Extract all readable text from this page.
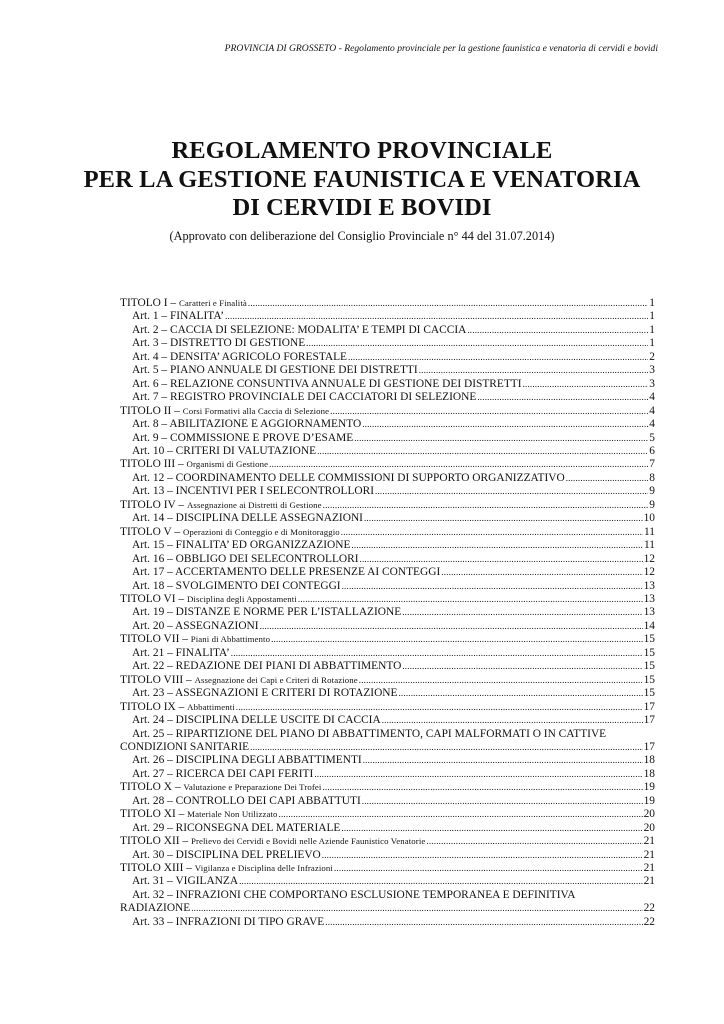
PROVINCIA DI GROSSETO - Regolamento provinciale per la gestione faunistica e venatoria di cervidi e bovidi
REGOLAMENTO PROVINCIALE
PER LA GESTIONE FAUNISTICA E VENATORIA
DI CERVIDI E BOVIDI
(Approvato con deliberazione del Consiglio Provinciale n° 44 del 31.07.2014)
TITOLO I – Caratteri e Finalità .....	1
Art. 1 – FINALITA’ .....	1
Art. 2 – CACCIA DI SELEZIONE: MODALITA’ E TEMPI DI CACCIA .....	1
Art. 3 – DISTRETTO DI GESTIONE .....	1
Art. 4 – DENSITA’ AGRICOLO FORESTALE .....	2
Art. 5 – PIANO ANNUALE DI GESTIONE DEI DISTRETTI .....	3
Art. 6 – RELAZIONE CONSUNTIVA ANNUALE DI GESTIONE DEI DISTRETTI .....	3
Art. 7 – REGISTRO PROVINCIALE DEI CACCIATORI DI SELEZIONE .....	4
TITOLO II – Corsi Formativi alla Caccia di Selezione .....	4
Art. 8 – ABILITAZIONE E AGGIORNAMENTO .....	4
Art. 9 – COMMISSIONE E PROVE D’ESAME .....	5
Art. 10 – CRITERI DI VALUTAZIONE .....	6
TITOLO III – Organismi di Gestione .....	7
Art. 12 – COORDINAMENTO DELLE COMMISSIONI DI SUPPORTO ORGANIZZATIVO .....	8
Art. 13 – INCENTIVI PER I SELECONTROLLORI .....	9
TITOLO IV – Assegnazione ai Distretti di Gestione .....	9
Art. 14 – DISCIPLINA DELLE ASSEGNAZIONI .....	10
TITOLO V – Operazioni di Conteggio e di Monitoraggio .....	11
Art. 15 – FINALITA’ ED ORGANIZZAZIONE .....	11
Art. 16 – OBBLIGO DEI SELECONTROLLORI .....	12
Art. 17 – ACCERTAMENTO DELLE PRESENZE AI CONTEGGI .....	12
Art. 18 – SVOLGIMENTO DEI CONTEGGI .....	13
TITOLO VI – Disciplina degli Appostamenti .....	13
Art. 19 – DISTANZE E NORME PER L’ISTALLAZIONE .....	13
Art. 20 – ASSEGNAZIONI .....	14
TITOLO VII – Piani di Abbattimento .....	15
Art. 21 – FINALITA’ .....	15
Art. 22 – REDAZIONE DEI PIANI DI ABBATTIMENTO .....	15
TITOLO VIII – Assegnazione dei Capi e Criteri di Rotazione .....	15
Art. 23 – ASSEGNAZIONI E CRITERI DI ROTAZIONE .....	15
TITOLO IX – Abbattimenti .....	17
Art. 24 – DISCIPLINA DELLE USCITE DI CACCIA .....	17
Art. 25 – RIPARTIZIONE DEL PIANO DI ABBATTIMENTO, CAPI MALFORMATI O IN CATTIVE
CONDIZIONI SANITARIE .....	17
Art. 26 – DISCIPLINA DEGLI ABBATTIMENTI .....	18
Art. 27 – RICERCA DEI CAPI FERITI .....	18
TITOLO X – Valutazione e Preparazione Dei Trofei .....	19
Art. 28 – CONTROLLO DEI CAPI ABBATTUTI .....	19
TITOLO XI – Materiale Non Utilizzato .....	20
Art. 29 – RICONSEGNA DEL MATERIALE .....	20
TITOLO XII – Prelievo dei Cervidi e Bovidi nelle Aziende Faunistico Venatorie .....	21
Art. 30 – DISCIPLINA DEL PRELIEVO .....	21
TITOLO XIII – Vigilanza e Disciplina delle Infrazioni .....	21
Art. 31 – VIGILANZA .....	21
Art. 32 – INFRAZIONI CHE COMPORTANO ESCLUSIONE TEMPORANEA E DEFINITIVA
RADIAZIONE .....	22
Art. 33 – INFRAZIONI DI TIPO GRAVE .....	22
